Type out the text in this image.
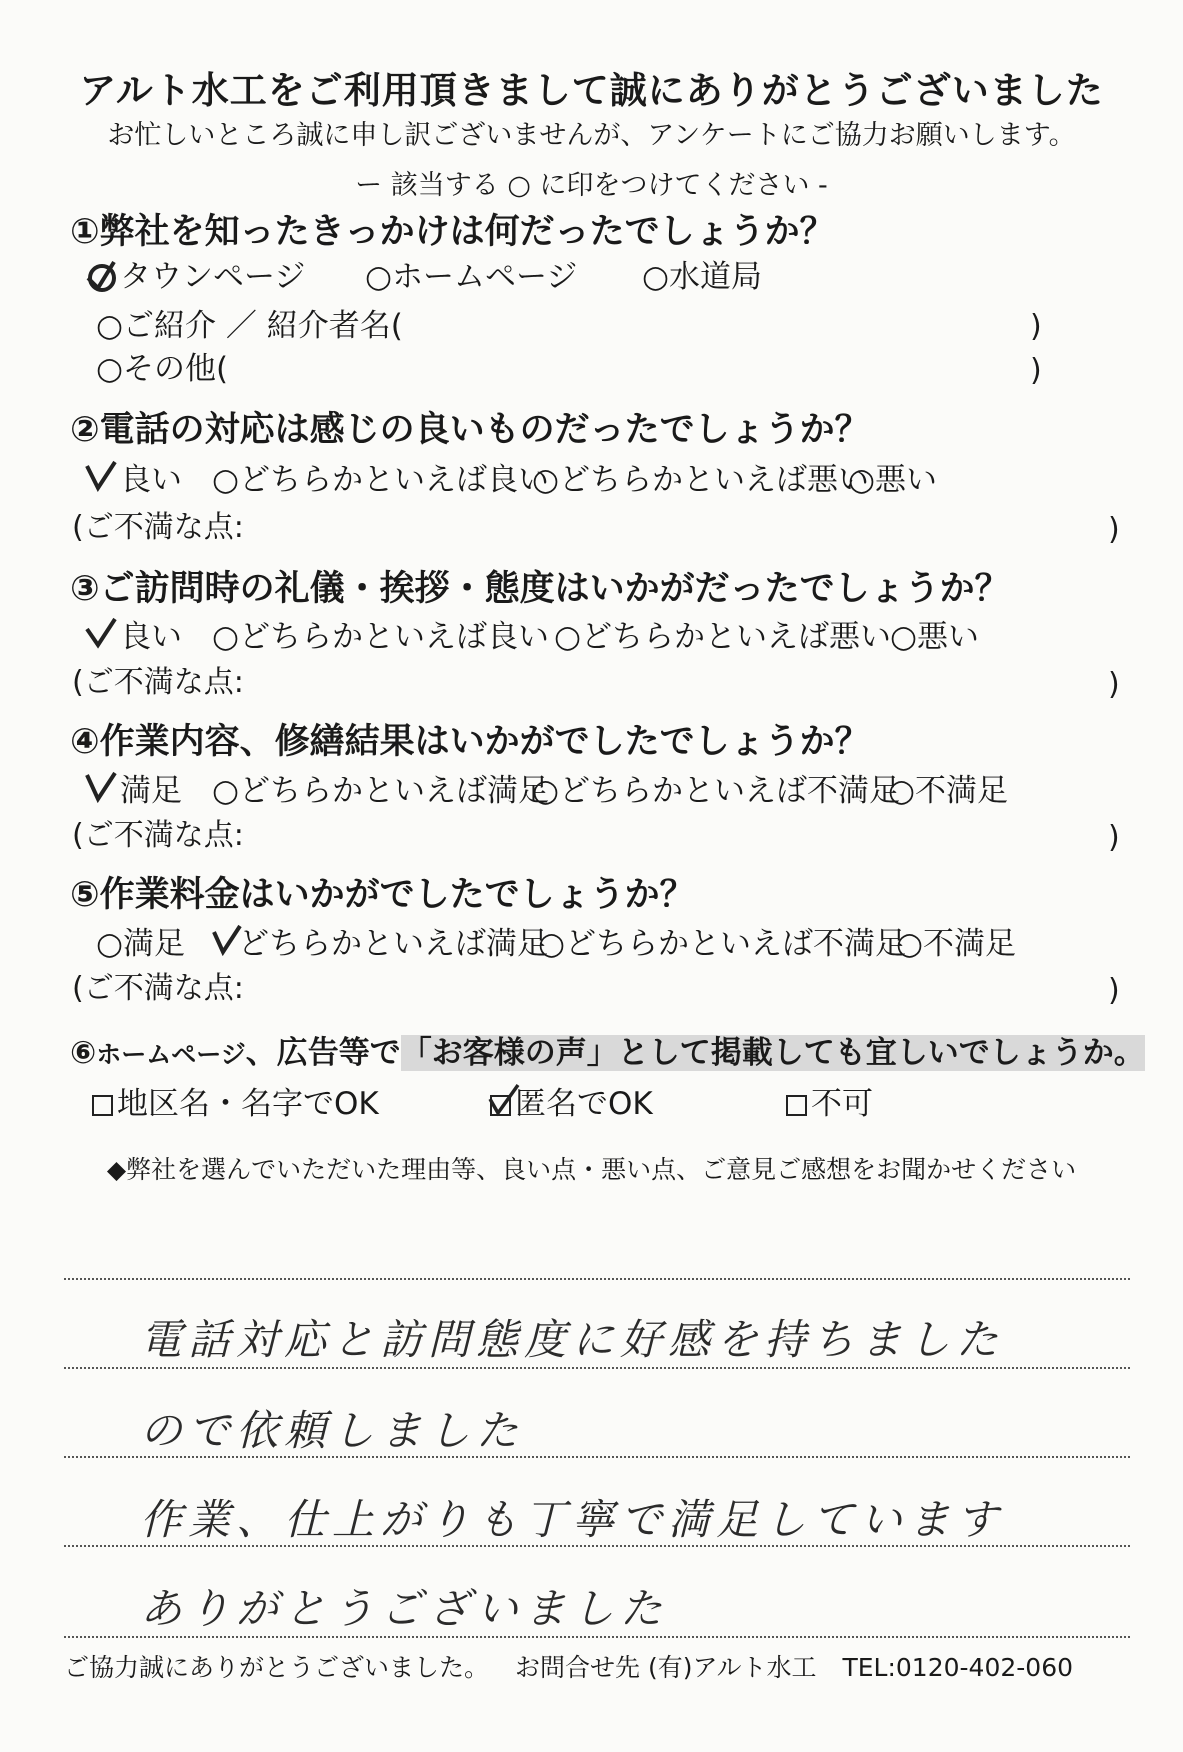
アルト水工をご利用頂きまして誠にありがとうございました
お忙しいところ誠に申し訳ございませんが、アンケートにご協力お願いします。
ー 該当する ○ に印をつけてください -
①弊社を知ったきっかけは何だったでしょうか？
タウンページ ○ホームページ ○水道局
○ご紹介 ／ 紹介者名(	)
○その他(	)
②電話の対応は感じの良いものだったでしょうか？
良い ○どちらかといえば良い
○どちらかといえば悪い
○悪い
(ご不満な点:	)
③ご訪問時の礼儀・挨拶・態度はいかがだったでしょうか？
良い ○どちらかといえば良い ○どちらかといえば悪い
○悪い
(ご不満な点:	)
④作業内容、修繕結果はいかがでしたでしょうか？
満足 ○どちらかといえば満足
○どちらかといえば不満足
○不満足
(ご不満な点:	)
⑤作業料金はいかがでしたでしょうか？
○満足 どちらかといえば満足
○どちらかといえば不満足
○不満足
(ご不満な点:	)
⑥ホームページ、広告等で「お客様の声」として掲載しても宜しいでしょうか。
地区名・名字でOK	匿名でOK	不可
◆弊社を選んでいただいた理由等、良い点・悪い点、ご意見ご感想をお聞かせください
電話対応と訪問態度に好感を持ちました
ので依頼しました
作業、仕上がりも丁寧で満足しています
ありがとうございました
ご協力誠にありがとうございました。 お問合せ先 (有)アルト水工 TEL:0120-402-060
